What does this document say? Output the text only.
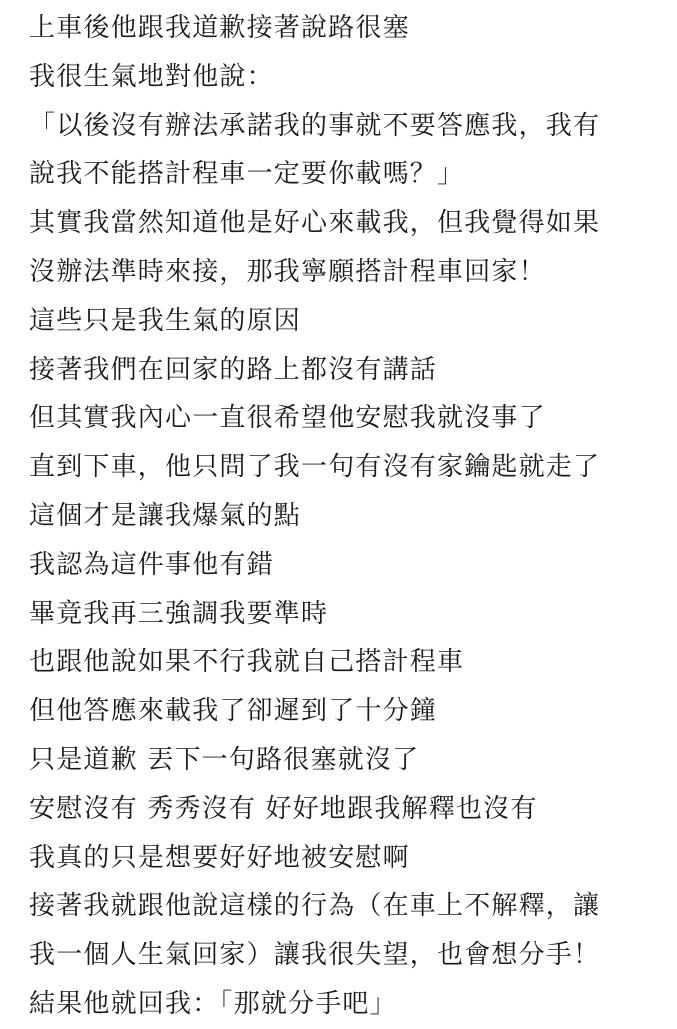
上車後他跟我道歉接著說路很塞
我很生氣地對他說：
「以後沒有辦法承諾我的事就不要答應我，我有
說我不能搭計程車一定要你載嗎？」
其實我當然知道他是好心來載我，但我覺得如果
沒辦法準時來接，那我寧願搭計程車回家！
這些只是我生氣的原因
接著我們在回家的路上都沒有講話
但其實我內心一直很希望他安慰我就沒事了
直到下車，他只問了我一句有沒有家鑰匙就走了
這個才是讓我爆氣的點
我認為這件事他有錯
畢竟我再三強調我要準時
也跟他說如果不行我就自己搭計程車
但他答應來載我了卻遲到了十分鐘
只是道歉 丟下一句路很塞就沒了
安慰沒有 秀秀沒有 好好地跟我解釋也沒有
我真的只是想要好好地被安慰啊
接著我就跟他說這樣的行為（在車上不解釋，讓
我一個人生氣回家）讓我很失望，也會想分手！
結果他就回我：「那就分手吧」
